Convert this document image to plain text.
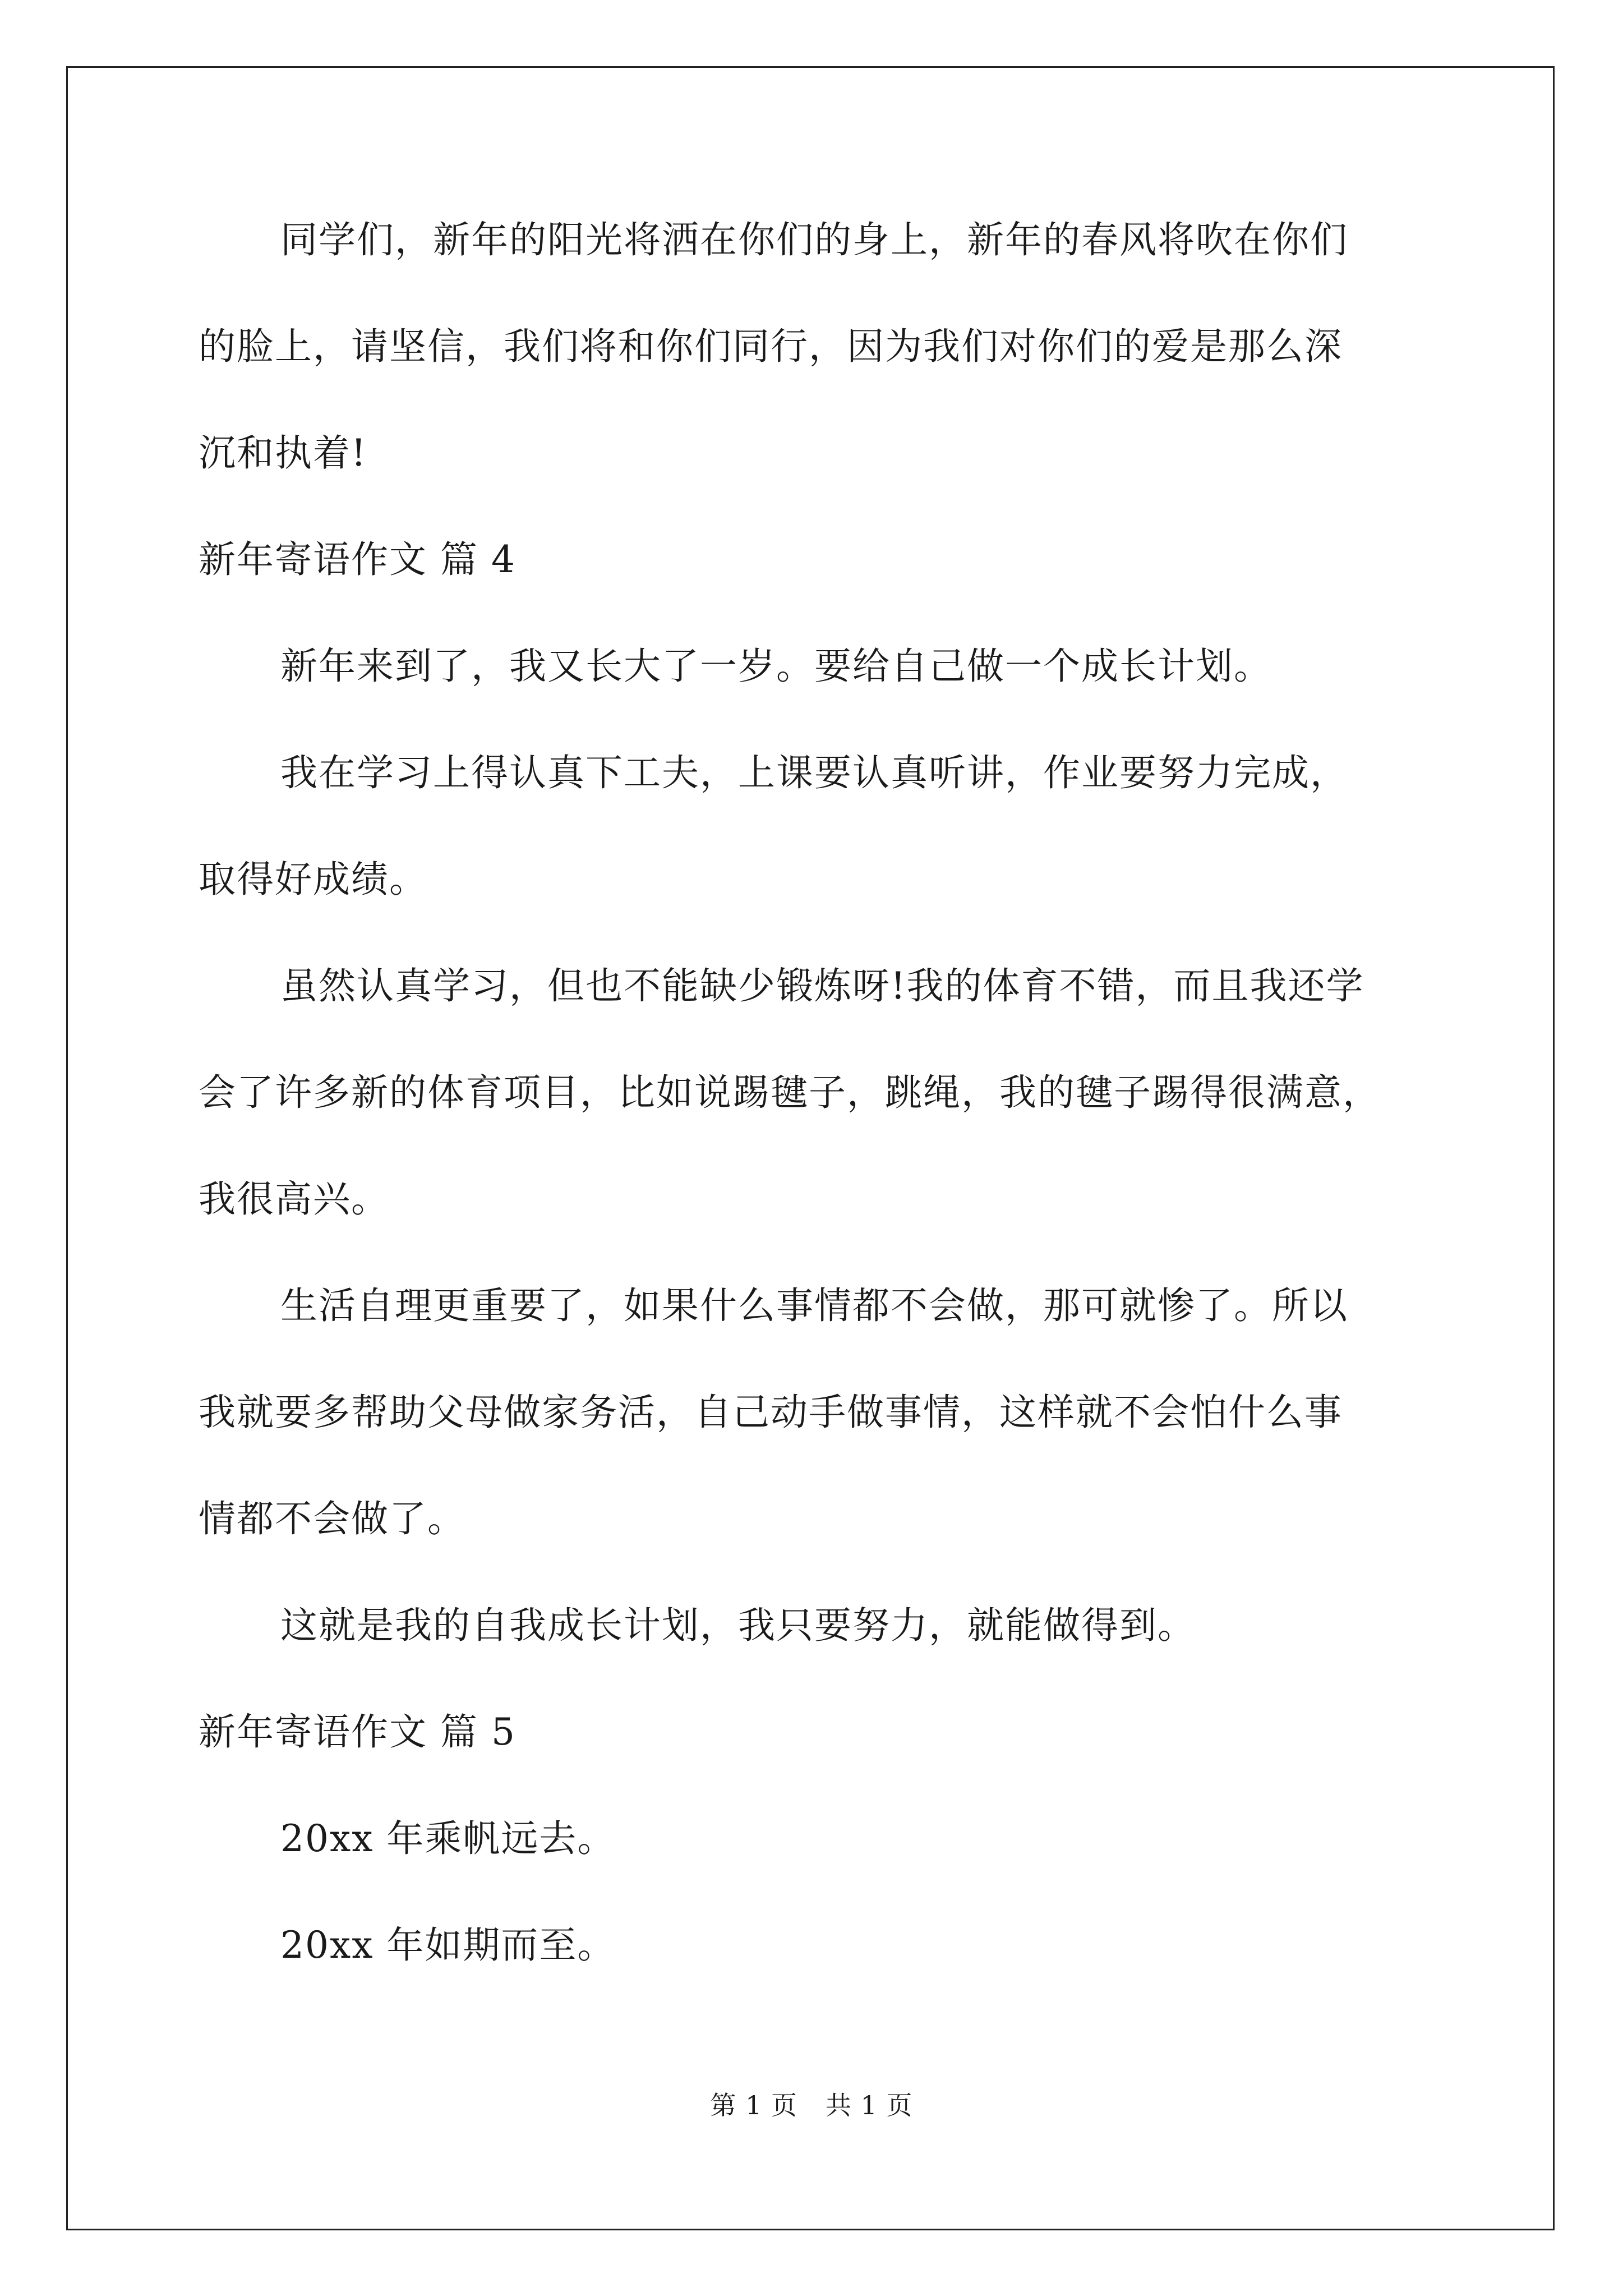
同学们，新年的阳光将洒在你们的身上，新年的春风将吹在你们
的脸上，请坚信，我们将和你们同行，因为我们对你们的爱是那么深
沉和执着!
新年寄语作文 篇 4
新年来到了，我又长大了一岁。要给自己做一个成长计划。
我在学习上得认真下工夫，上课要认真听讲，作业要努力完成，
取得好成绩。
虽然认真学习，但也不能缺少锻炼呀!我的体育不错，而且我还学
会了许多新的体育项目，比如说踢毽子，跳绳，我的毽子踢得很满意，
我很高兴。
生活自理更重要了，如果什么事情都不会做，那可就惨了。所以
我就要多帮助父母做家务活，自己动手做事情，这样就不会怕什么事
情都不会做了。
这就是我的自我成长计划，我只要努力，就能做得到。
新年寄语作文 篇 5
20xx 年乘帆远去。
20xx 年如期而至。
第 1 页 共 1 页
